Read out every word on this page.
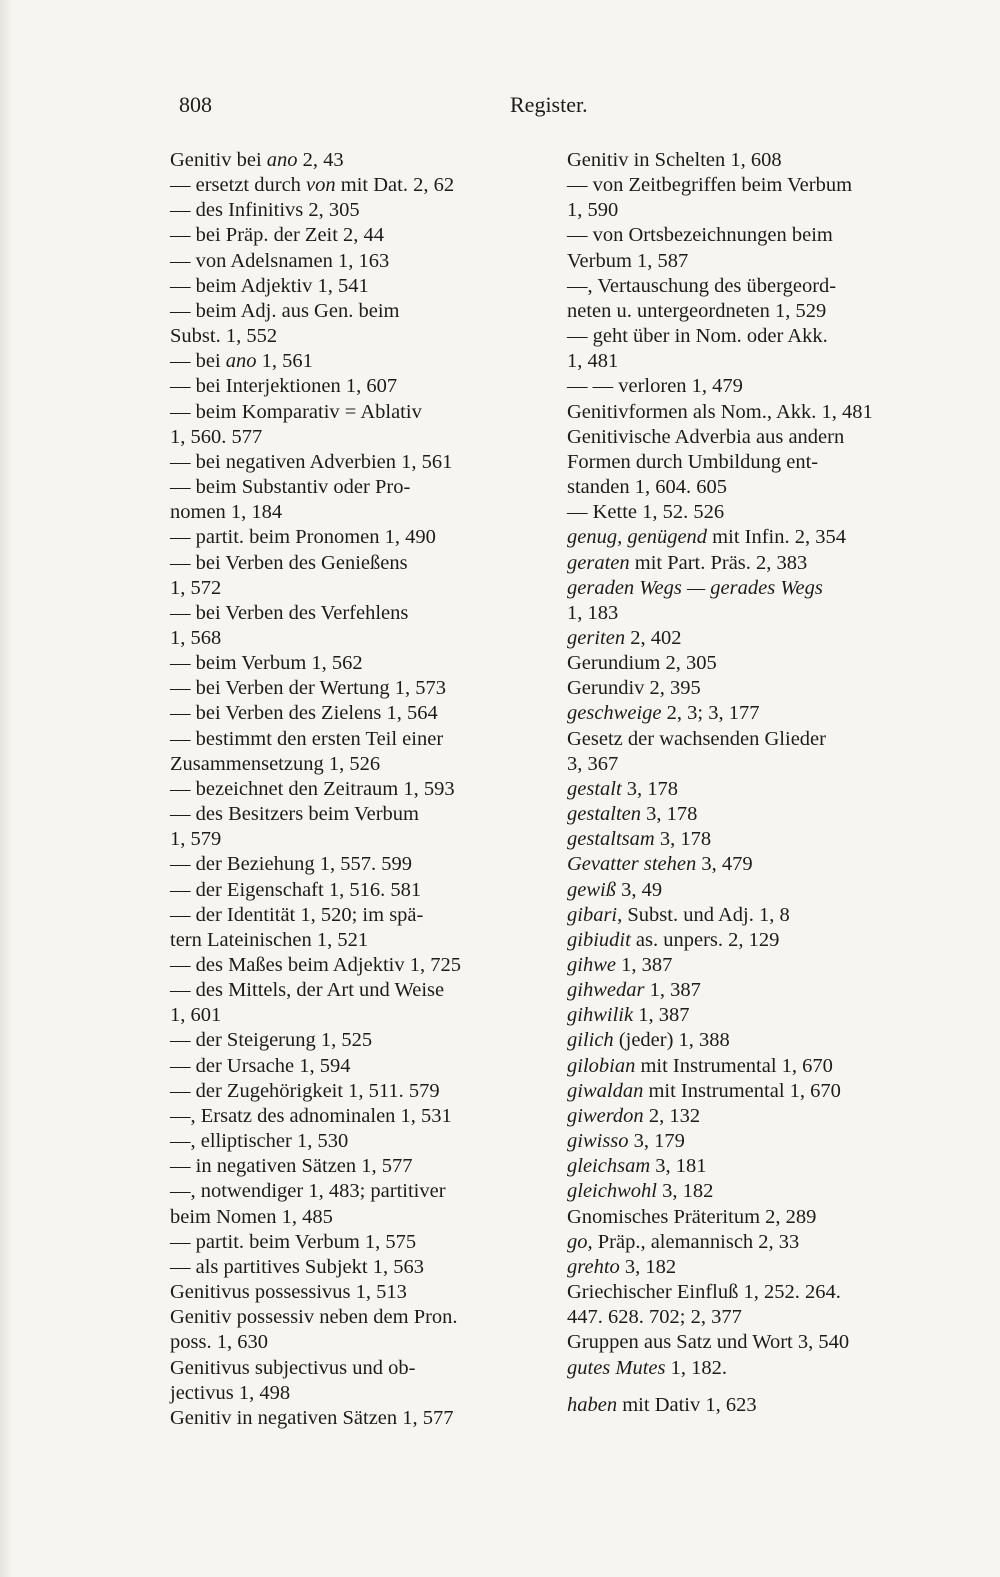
808	Register.
Genitiv bei ano 2, 43
— ersetzt durch von mit Dat. 2, 62
— des Infinitivs 2, 305
— bei Präp. der Zeit 2, 44
— von Adelsnamen 1, 163
— beim Adjektiv 1, 541
— beim Adj. aus Gen. beim
Subst. 1, 552
— bei ano 1, 561
— bei Interjektionen 1, 607
— beim Komparativ = Ablativ
1, 560. 577
— bei negativen Adverbien 1, 561
— beim Substantiv oder Pro-
nomen 1, 184
— partit. beim Pronomen 1, 490
— bei Verben des Genießens
1, 572
— bei Verben des Verfehlens
1, 568
— beim Verbum 1, 562
— bei Verben der Wertung 1, 573
— bei Verben des Zielens 1, 564
— bestimmt den ersten Teil einer
Zusammensetzung 1, 526
— bezeichnet den Zeitraum 1, 593
— des Besitzers beim Verbum
1, 579
— der Beziehung 1, 557. 599
— der Eigenschaft 1, 516. 581
— der Identität 1, 520; im spä-
tern Lateinischen 1, 521
— des Maßes beim Adjektiv 1, 725
— des Mittels, der Art und Weise
1, 601
— der Steigerung 1, 525
— der Ursache 1, 594
— der Zugehörigkeit 1, 511. 579
—, Ersatz des adnominalen 1, 531
—, elliptischer 1, 530
— in negativen Sätzen 1, 577
—, notwendiger 1, 483; partitiver
beim Nomen 1, 485
— partit. beim Verbum 1, 575
— als partitives Subjekt 1, 563
Genitivus possessivus 1, 513
Genitiv possessiv neben dem Pron.
poss. 1, 630
Genitivus subjectivus und ob-
jectivus 1, 498
Genitiv in negativen Sätzen 1, 577
Genitiv in Schelten 1, 608
— von Zeitbegriffen beim Verbum
1, 590
— von Ortsbezeichnungen beim
Verbum 1, 587
—, Vertauschung des übergeord-
neten u. untergeordneten 1, 529
— geht über in Nom. oder Akk.
1, 481
— — verloren 1, 479
Genitivformen als Nom., Akk. 1, 481
Genitivische Adverbia aus andern
Formen durch Umbildung ent-
standen 1, 604. 605
— Kette 1, 52. 526
genug, genügend mit Infin. 2, 354
geraten mit Part. Präs. 2, 383
geraden Wegs — gerades Wegs
1, 183
geriten 2, 402
Gerundium 2, 305
Gerundiv 2, 395
geschweige 2, 3; 3, 177
Gesetz der wachsenden Glieder
3, 367
gestalt 3, 178
gestalten 3, 178
gestaltsam 3, 178
Gevatter stehen 3, 479
gewiß 3, 49
gibari, Subst. und Adj. 1, 8
gibiudit as. unpers. 2, 129
gihwe 1, 387
gihwedar 1, 387
gihwilik 1, 387
gilich (jeder) 1, 388
gilobian mit Instrumental 1, 670
giwaldan mit Instrumental 1, 670
giwerdon 2, 132
giwisso 3, 179
gleichsam 3, 181
gleichwohl 3, 182
Gnomisches Präteritum 2, 289
go, Präp., alemannisch 2, 33
grehto 3, 182
Griechischer Einfluß 1, 252. 264.
447. 628. 702; 2, 377
Gruppen aus Satz und Wort 3, 540
gutes Mutes 1, 182.
haben mit Dativ 1, 623
